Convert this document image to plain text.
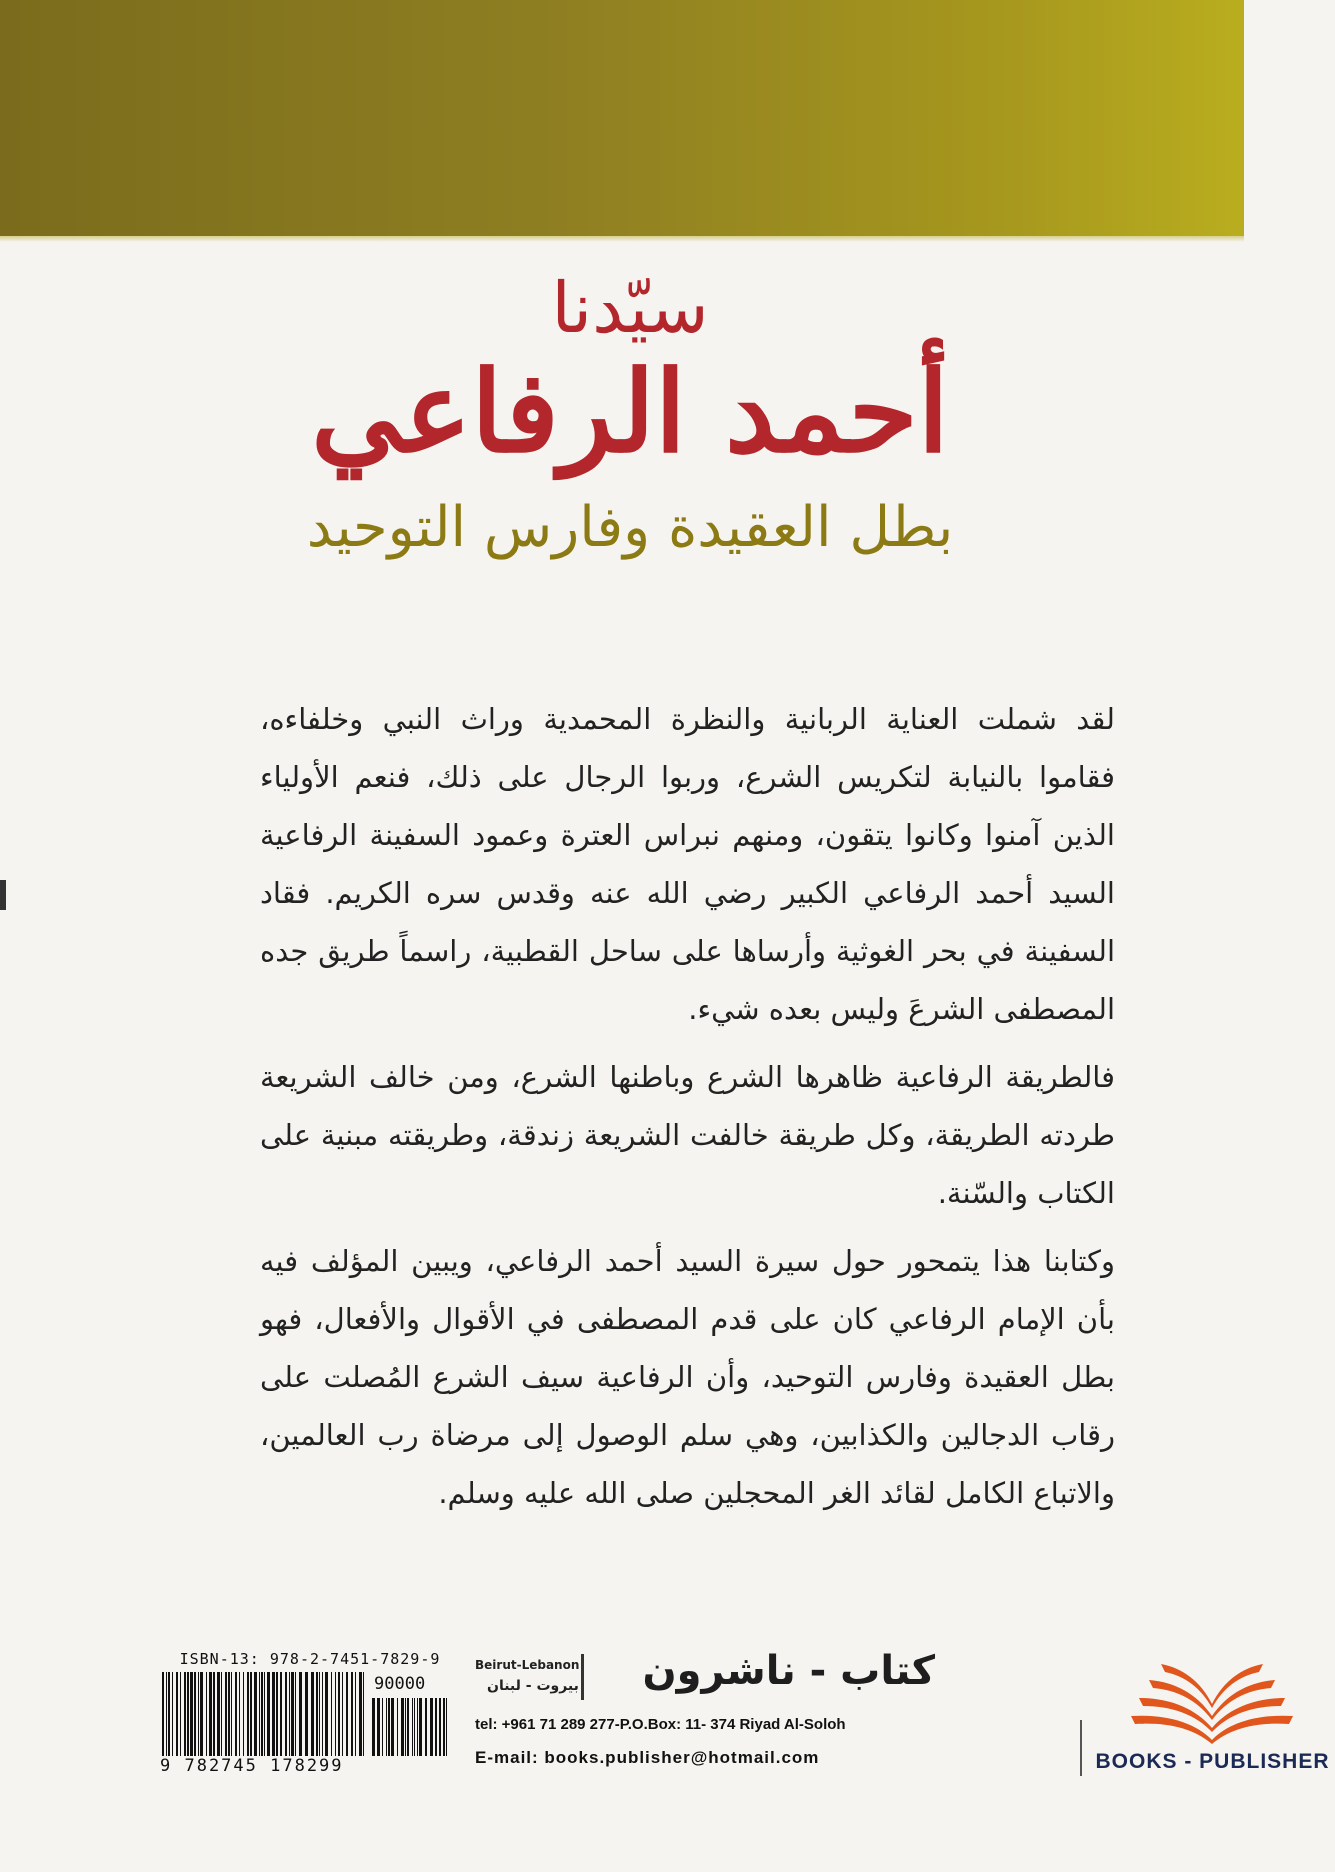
سيّدنا
أحمد الرفاعي
بطل العقيدة وفارس التوحيد

لقد شملت العناية الربانية والنظرة المحمدية وراث النبي وخلفاءه، فقاموا بالنيابة لتكريس الشرع، وربوا الرجال على ذلك، فنعم الأولياء الذين آمنوا وكانوا يتقون، ومنهم نبراس العترة وعمود السفينة الرفاعية السيد أحمد الرفاعي الكبير رضي الله عنه وقدس سره الكريم. فقاد السفينة في بحر الغوثية وأرساها على ساحل القطبية، راسماً طريق جده المصطفى الشرعَ وليس بعده شيء.

فالطريقة الرفاعية ظاهرها الشرع وباطنها الشرع، ومن خالف الشريعة طردته الطريقة، وكل طريقة خالفت الشريعة زندقة، وطريقته مبنية على الكتاب والسّنة.

وكتابنا هذا يتمحور حول سيرة السيد أحمد الرفاعي، ويبين المؤلف فيه بأن الإمام الرفاعي كان على قدم المصطفى في الأقوال والأفعال، فهو بطل العقيدة وفارس التوحيد، وأن الرفاعية سيف الشرع المُصلت على رقاب الدجالين والكذابين، وهي سلم الوصول إلى مرضاة رب العالمين، والاتباع الكامل لقائد الغر المحجلين صلى الله عليه وسلم.

ISBN-13: 978-2-7451-7829-9
90000
9 782745 178299
Beirut-Lebanon
بيروت - لبنان	كتاب - ناشرون
tel: +961 71 289 277-P.O.Box: 11- 374 Riyad Al-Soloh
E-mail: books.publisher@hotmail.com	BOOKS - PUBLISHER
